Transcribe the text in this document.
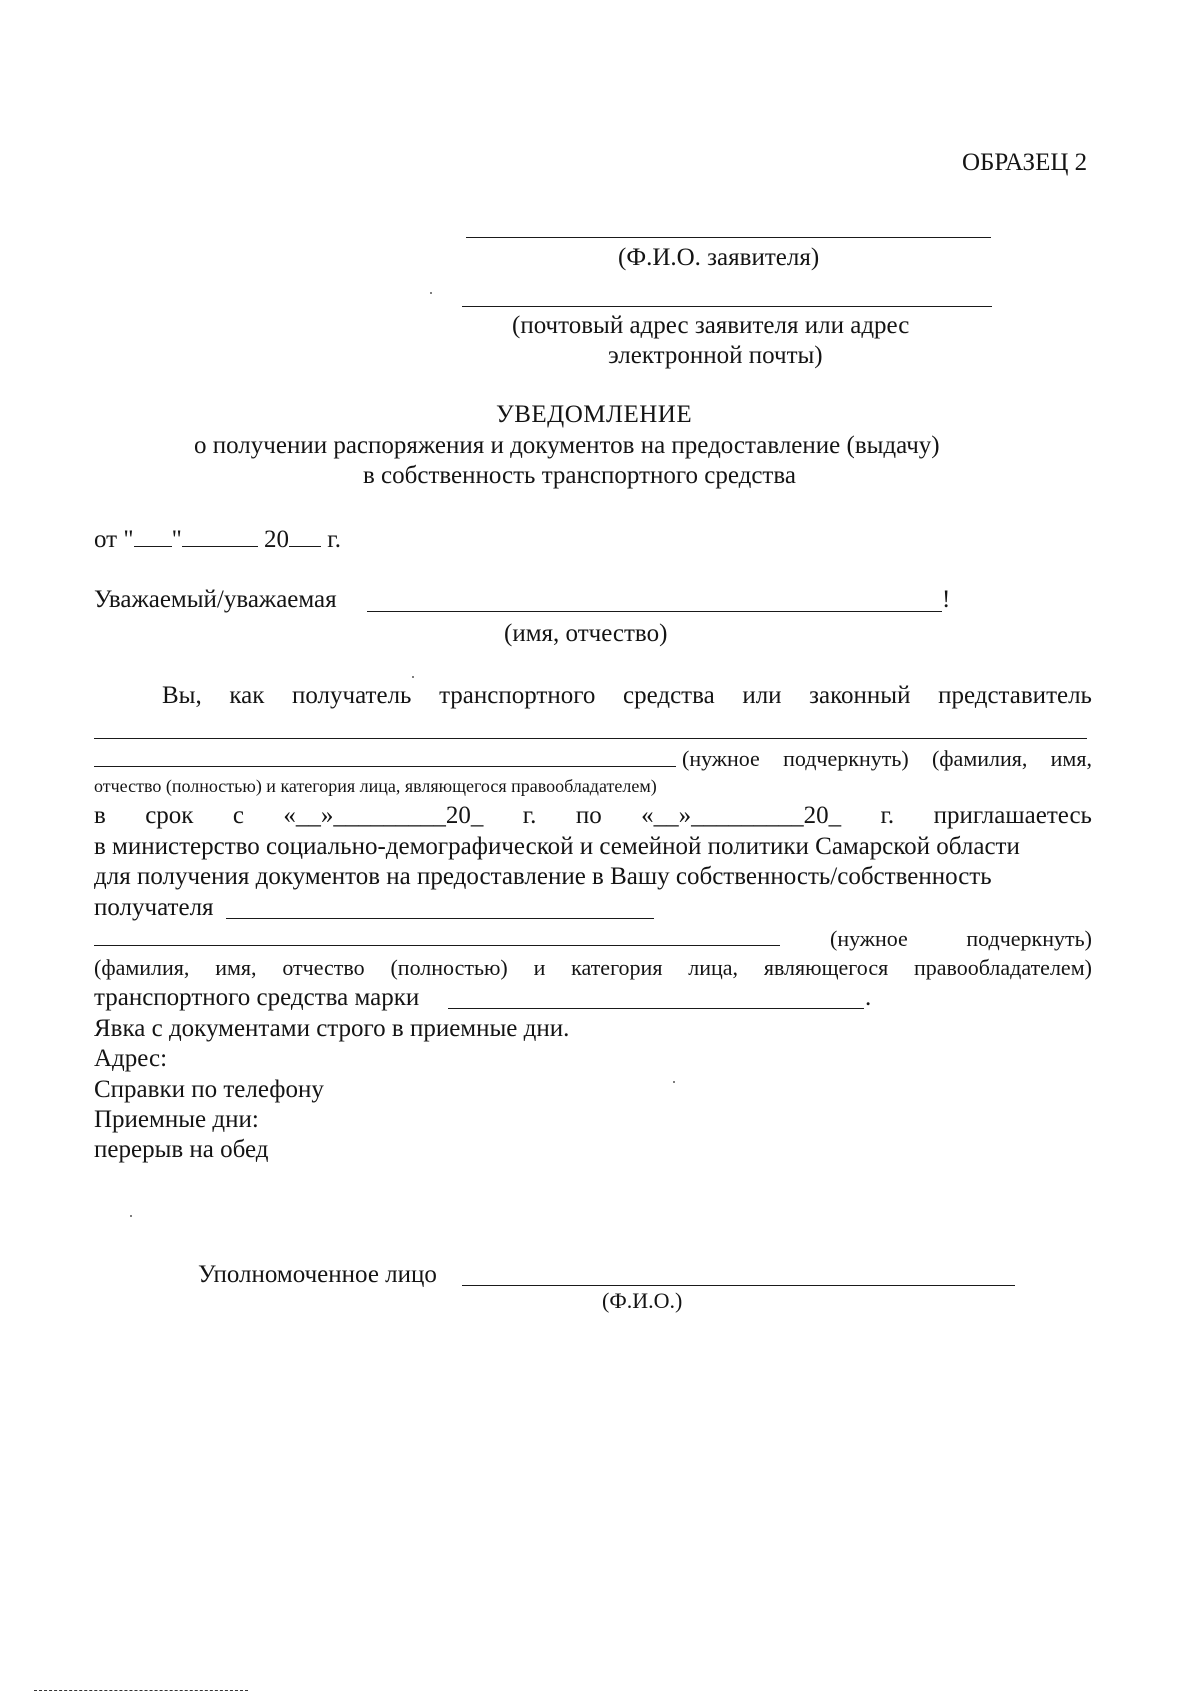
ОБРАЗЕЦ 2
(Ф.И.О. заявителя)
(почтовый адрес заявителя или адрес
электронной почты)
УВЕДОМЛЕНИЕ
о получении распоряжения и документов на предоставление (выдачу)
в собственность транспортного средства
от " "	20 г.
Уважаемый/уважаемая	!
(имя, отчество)
Вы, как получатель транспортного средства или законный представитель
(нужное подчеркнуть) (фамилия, имя,
отчество (полностью) и категория лица, являющегося правообладателем)
в срок с «__»_________20_ г. по «__»_________20_ г. приглашаетесь
в министерство социально-демографической и семейной политики Самарской области
для получения документов на предоставление в Вашу собственность/собственность
получателя
(нужное	подчеркнуть)
(фамилия, имя, отчество (полностью) и категория лица, являющегося правообладателем)
транспортного средства марки	.
Явка с документами строго в приемные дни.
Адрес:
Справки по телефону
Приемные дни:
перерыв на обед
Уполномоченное лицо
(Ф.И.О.)
